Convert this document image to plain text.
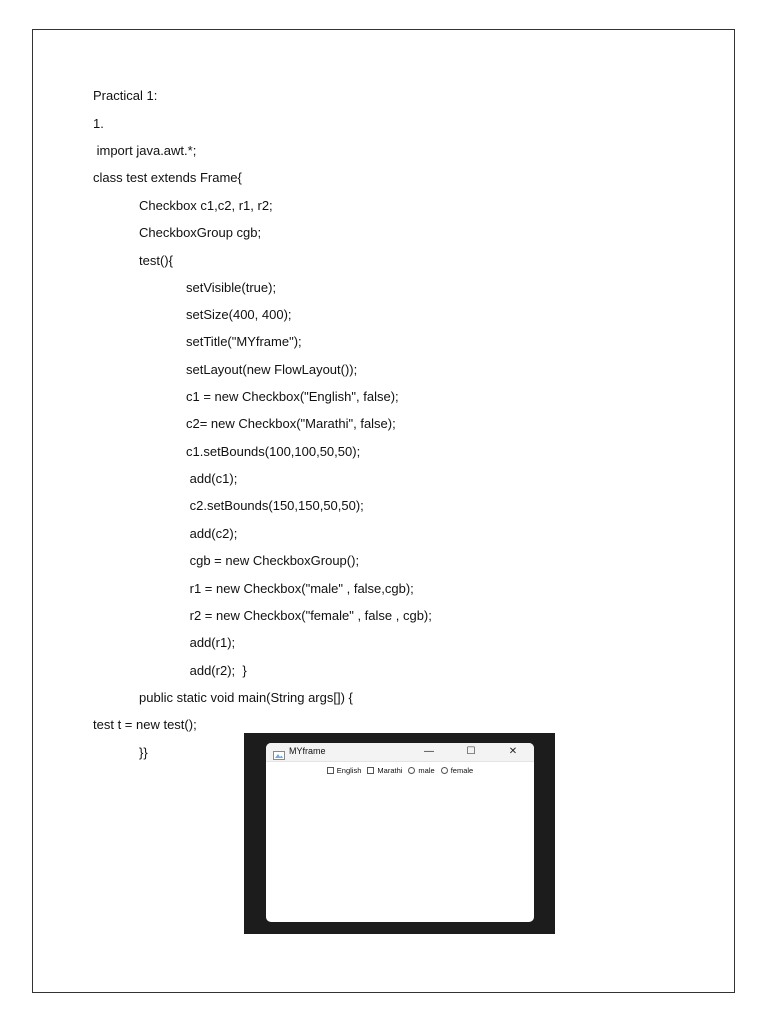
Practical 1:
1.
import java.awt.*;
class test extends Frame{
Checkbox c1,c2, r1, r2;
CheckboxGroup cgb;
test(){
setVisible(true);
setSize(400, 400);
setTitle("MYframe");
setLayout(new FlowLayout());
c1 = new Checkbox("English", false);
c2= new Checkbox("Marathi", false);
c1.setBounds(100,100,50,50);
add(c1);
c2.setBounds(150,150,50,50);
add(c2);
cgb = new CheckboxGroup();
r1 = new Checkbox("male" , false,cgb);
r2 = new Checkbox("female" , false , cgb);
add(r1);
add(r2);  }
public static void main(String args[]) {
test t = new test();
}}	MYframe	—	☐	✕
English Marathi male female
